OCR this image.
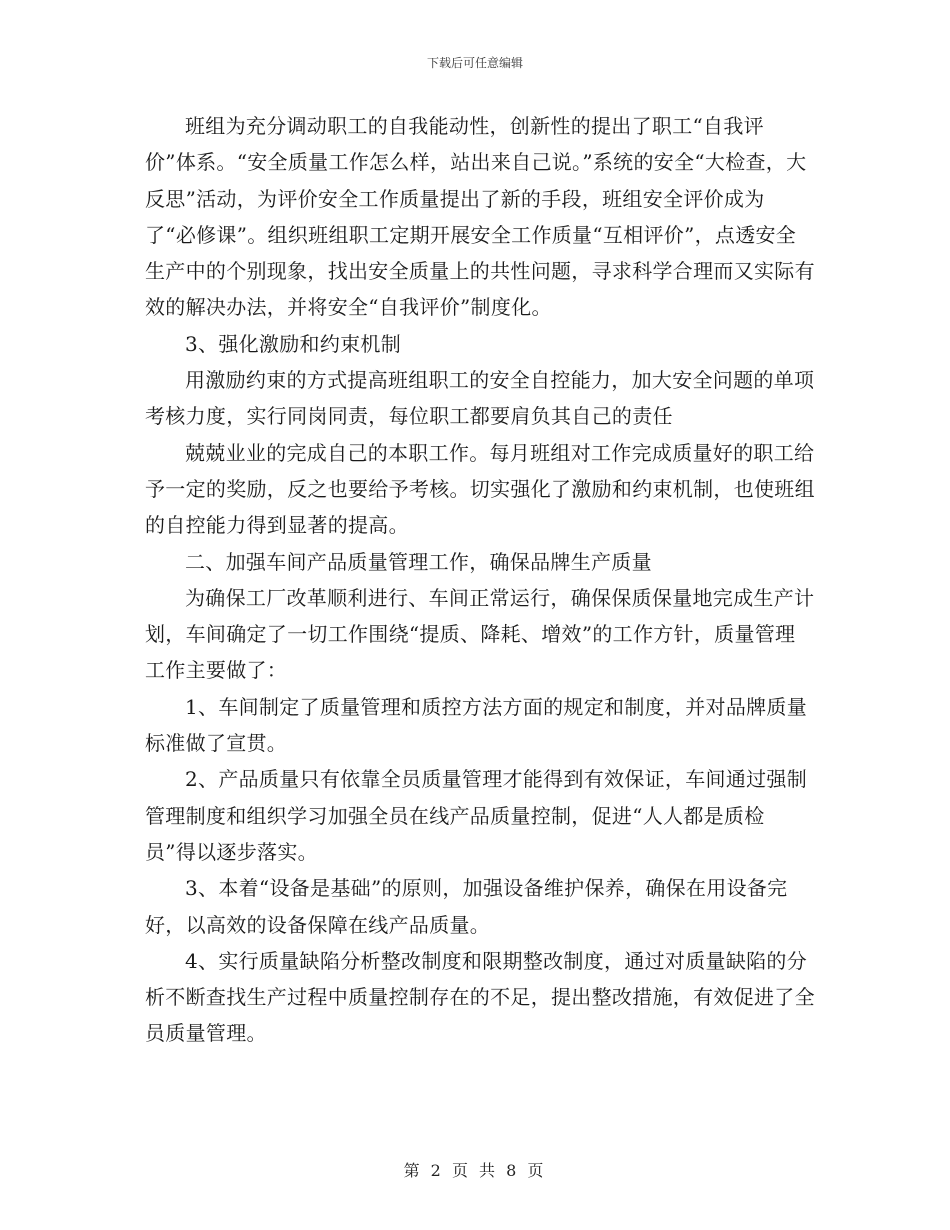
下载后可任意编辑

班组为充分调动职工的自我能动性，创新性的提出了职工“自我评价”体系。“安全质量工作怎么样，站出来自己说。”系统的安全“大检查，大反思”活动，为评价安全工作质量提出了新的手段，班组安全评价成为了“必修课”。组织班组职工定期开展安全工作质量“互相评价”，点透安全生产中的个别现象，找出安全质量上的共性问题，寻求科学合理而又实际有效的解决办法，并将安全“自我评价”制度化。

3、强化激励和约束机制

用激励约束的方式提高班组职工的安全自控能力，加大安全问题的单项考核力度，实行同岗同责，每位职工都要肩负其自己的责任

兢兢业业的完成自己的本职工作。每月班组对工作完成质量好的职工给予一定的奖励，反之也要给予考核。切实强化了激励和约束机制，也使班组的自控能力得到显著的提高。

二、加强车间产品质量管理工作，确保品牌生产质量

为确保工厂改革顺利进行、车间正常运行，确保保质保量地完成生产计划，车间确定了一切工作围绕“提质、降耗、增效”的工作方针，质量管理工作主要做了：

1、车间制定了质量管理和质控方法方面的规定和制度，并对品牌质量标准做了宣贯。

2、产品质量只有依靠全员质量管理才能得到有效保证，车间通过强制管理制度和组织学习加强全员在线产品质量控制，促进“人人都是质检员”得以逐步落实。

3、本着“设备是基础”的原则，加强设备维护保养，确保在用设备完好，以高效的设备保障在线产品质量。

4、实行质量缺陷分析整改制度和限期整改制度，通过对质量缺陷的分析不断查找生产过程中质量控制存在的不足，提出整改措施，有效促进了全员质量管理。

第 2 页 共 8 页
